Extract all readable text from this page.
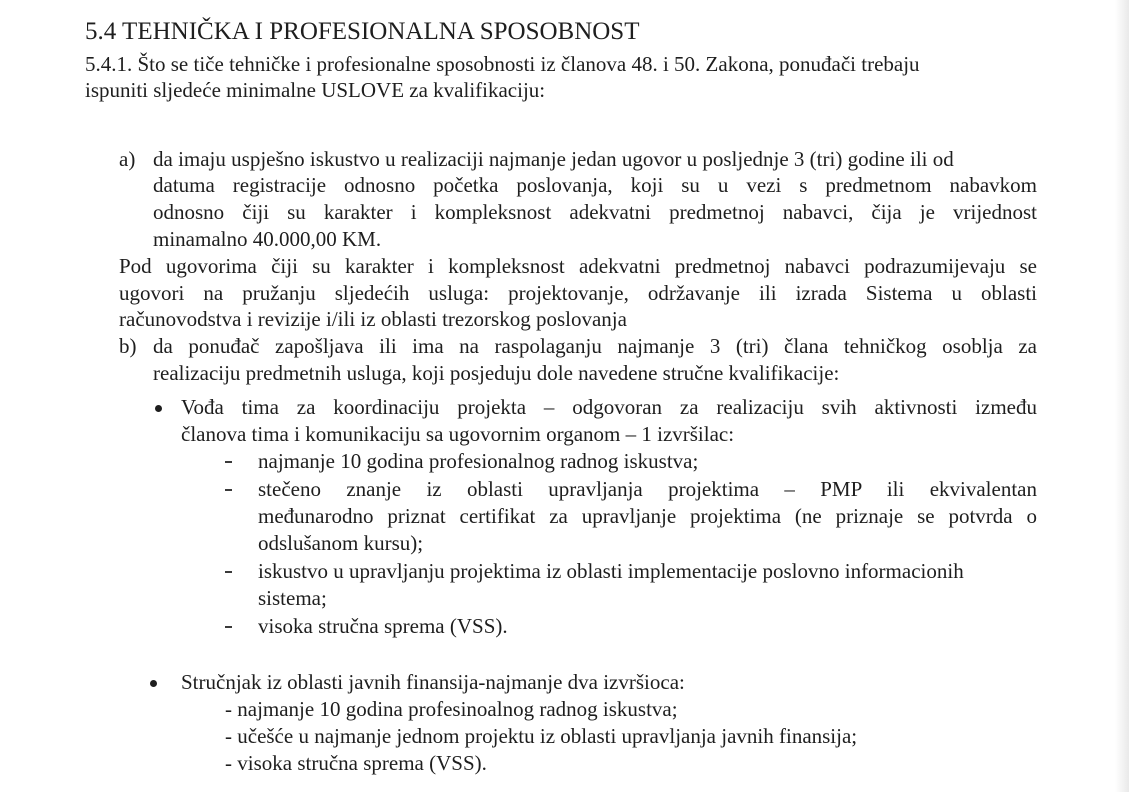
5.4 TEHNIČKA I PROFESIONALNA SPOSOBNOST
5.4.1. Što se tiče tehničke i profesionalne sposobnosti iz članova 48. i 50. Zakona, ponuđači trebaju
ispuniti sljedeće minimalne USLOVE za kvalifikaciju:
a) da imaju uspješno iskustvo u realizaciji najmanje jedan ugovor u posljednje 3 (tri) godine ili od
datuma registracije odnosno početka poslovanja, koji su u vezi s predmetnom nabavkom
odnosno čiji su karakter i kompleksnost adekvatni predmetnoj nabavci, čija je vrijednost
minamalno 40.000,00 KM.
Pod ugovorima čiji su karakter i kompleksnost adekvatni predmetnoj nabavci podrazumijevaju se
ugovori na pružanju sljedećih usluga: projektovanje, održavanje ili izrada Sistema u oblasti
računovodstva i revizije i/ili iz oblasti trezorskog poslovanja
b) da ponuđač zapošljava ili ima na raspolaganju najmanje 3 (tri) člana tehničkog osoblja za
realizaciju predmetnih usluga, koji posjeduju dole navedene stručne kvalifikacije:
Vođa tima za koordinaciju projekta – odgovoran za realizaciju svih aktivnosti između
članova tima i komunikaciju sa ugovornim organom – 1 izvršilac:
najmanje 10 godina profesionalnog radnog iskustva;
stečeno znanje iz oblasti upravljanja projektima – PMP ili ekvivalentan
međunarodno priznat certifikat za upravljanje projektima (ne priznaje se potvrda o
odslušanom kursu);
iskustvo u upravljanju projektima iz oblasti implementacije poslovno informacionih
sistema;
visoka stručna sprema (VSS).
Stručnjak iz oblasti javnih finansija-najmanje dva izvršioca:
- najmanje 10 godina profesinoalnog radnog iskustva;
- učešće u najmanje jednom projektu iz oblasti upravljanja javnih finansija;
- visoka stručna sprema (VSS).
